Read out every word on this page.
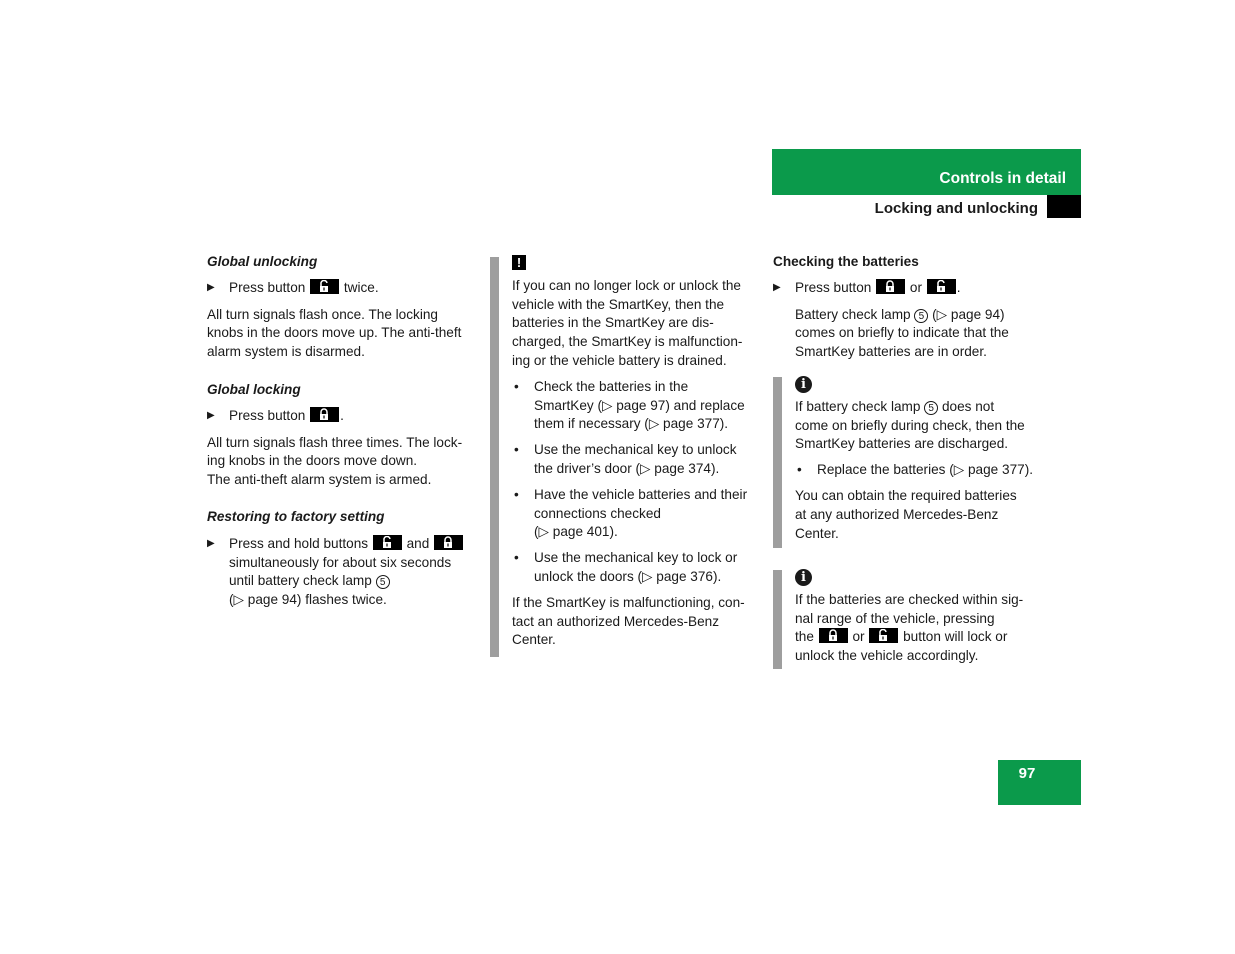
Controls in detail
Locking and unlocking

Global unlocking

▶ Press button	twice.

All turn signals flash once. The locking
knobs in the doors move up. The anti-theft
alarm system is disarmed.

Global locking

▶ Press button	.

All turn signals flash three times. The lock-
ing knobs in the doors move down.
The anti-theft alarm system is armed.

Restoring to factory setting

▶ Press and hold buttons	and

simultaneously for about six seconds
until battery check lamp 5
(▷ page 94) flashes twice.

!

If you can no longer lock or unlock the
vehicle with the SmartKey, then the
batteries in the SmartKey are dis-
charged, the SmartKey is malfunction-
ing or the vehicle battery is drained.

• Check the batteries in the
SmartKey (▷ page 97) and replace
them if necessary (▷ page 377).

• Use the mechanical key to unlock
the driver’s door (▷ page 374).

• Have the vehicle batteries and their
connections checked
(▷ page 401).

• Use the mechanical key to lock or
unlock the doors (▷ page 376).

If the SmartKey is malfunctioning, con-
tact an authorized Mercedes-Benz
Center.

Checking the batteries

▶ Press button	or	.

Battery check lamp 5 (▷ page 94)
comes on briefly to indicate that the
SmartKey batteries are in order.

i

If battery check lamp 5 does not
come on briefly during check, then the
SmartKey batteries are discharged.

• Replace the batteries (▷ page 377).

You can obtain the required batteries
at any authorized Mercedes-Benz
Center.

i

If the batteries are checked within sig-
nal range of the vehicle, pressing
the	or	button will lock or
unlock the vehicle accordingly.

97
